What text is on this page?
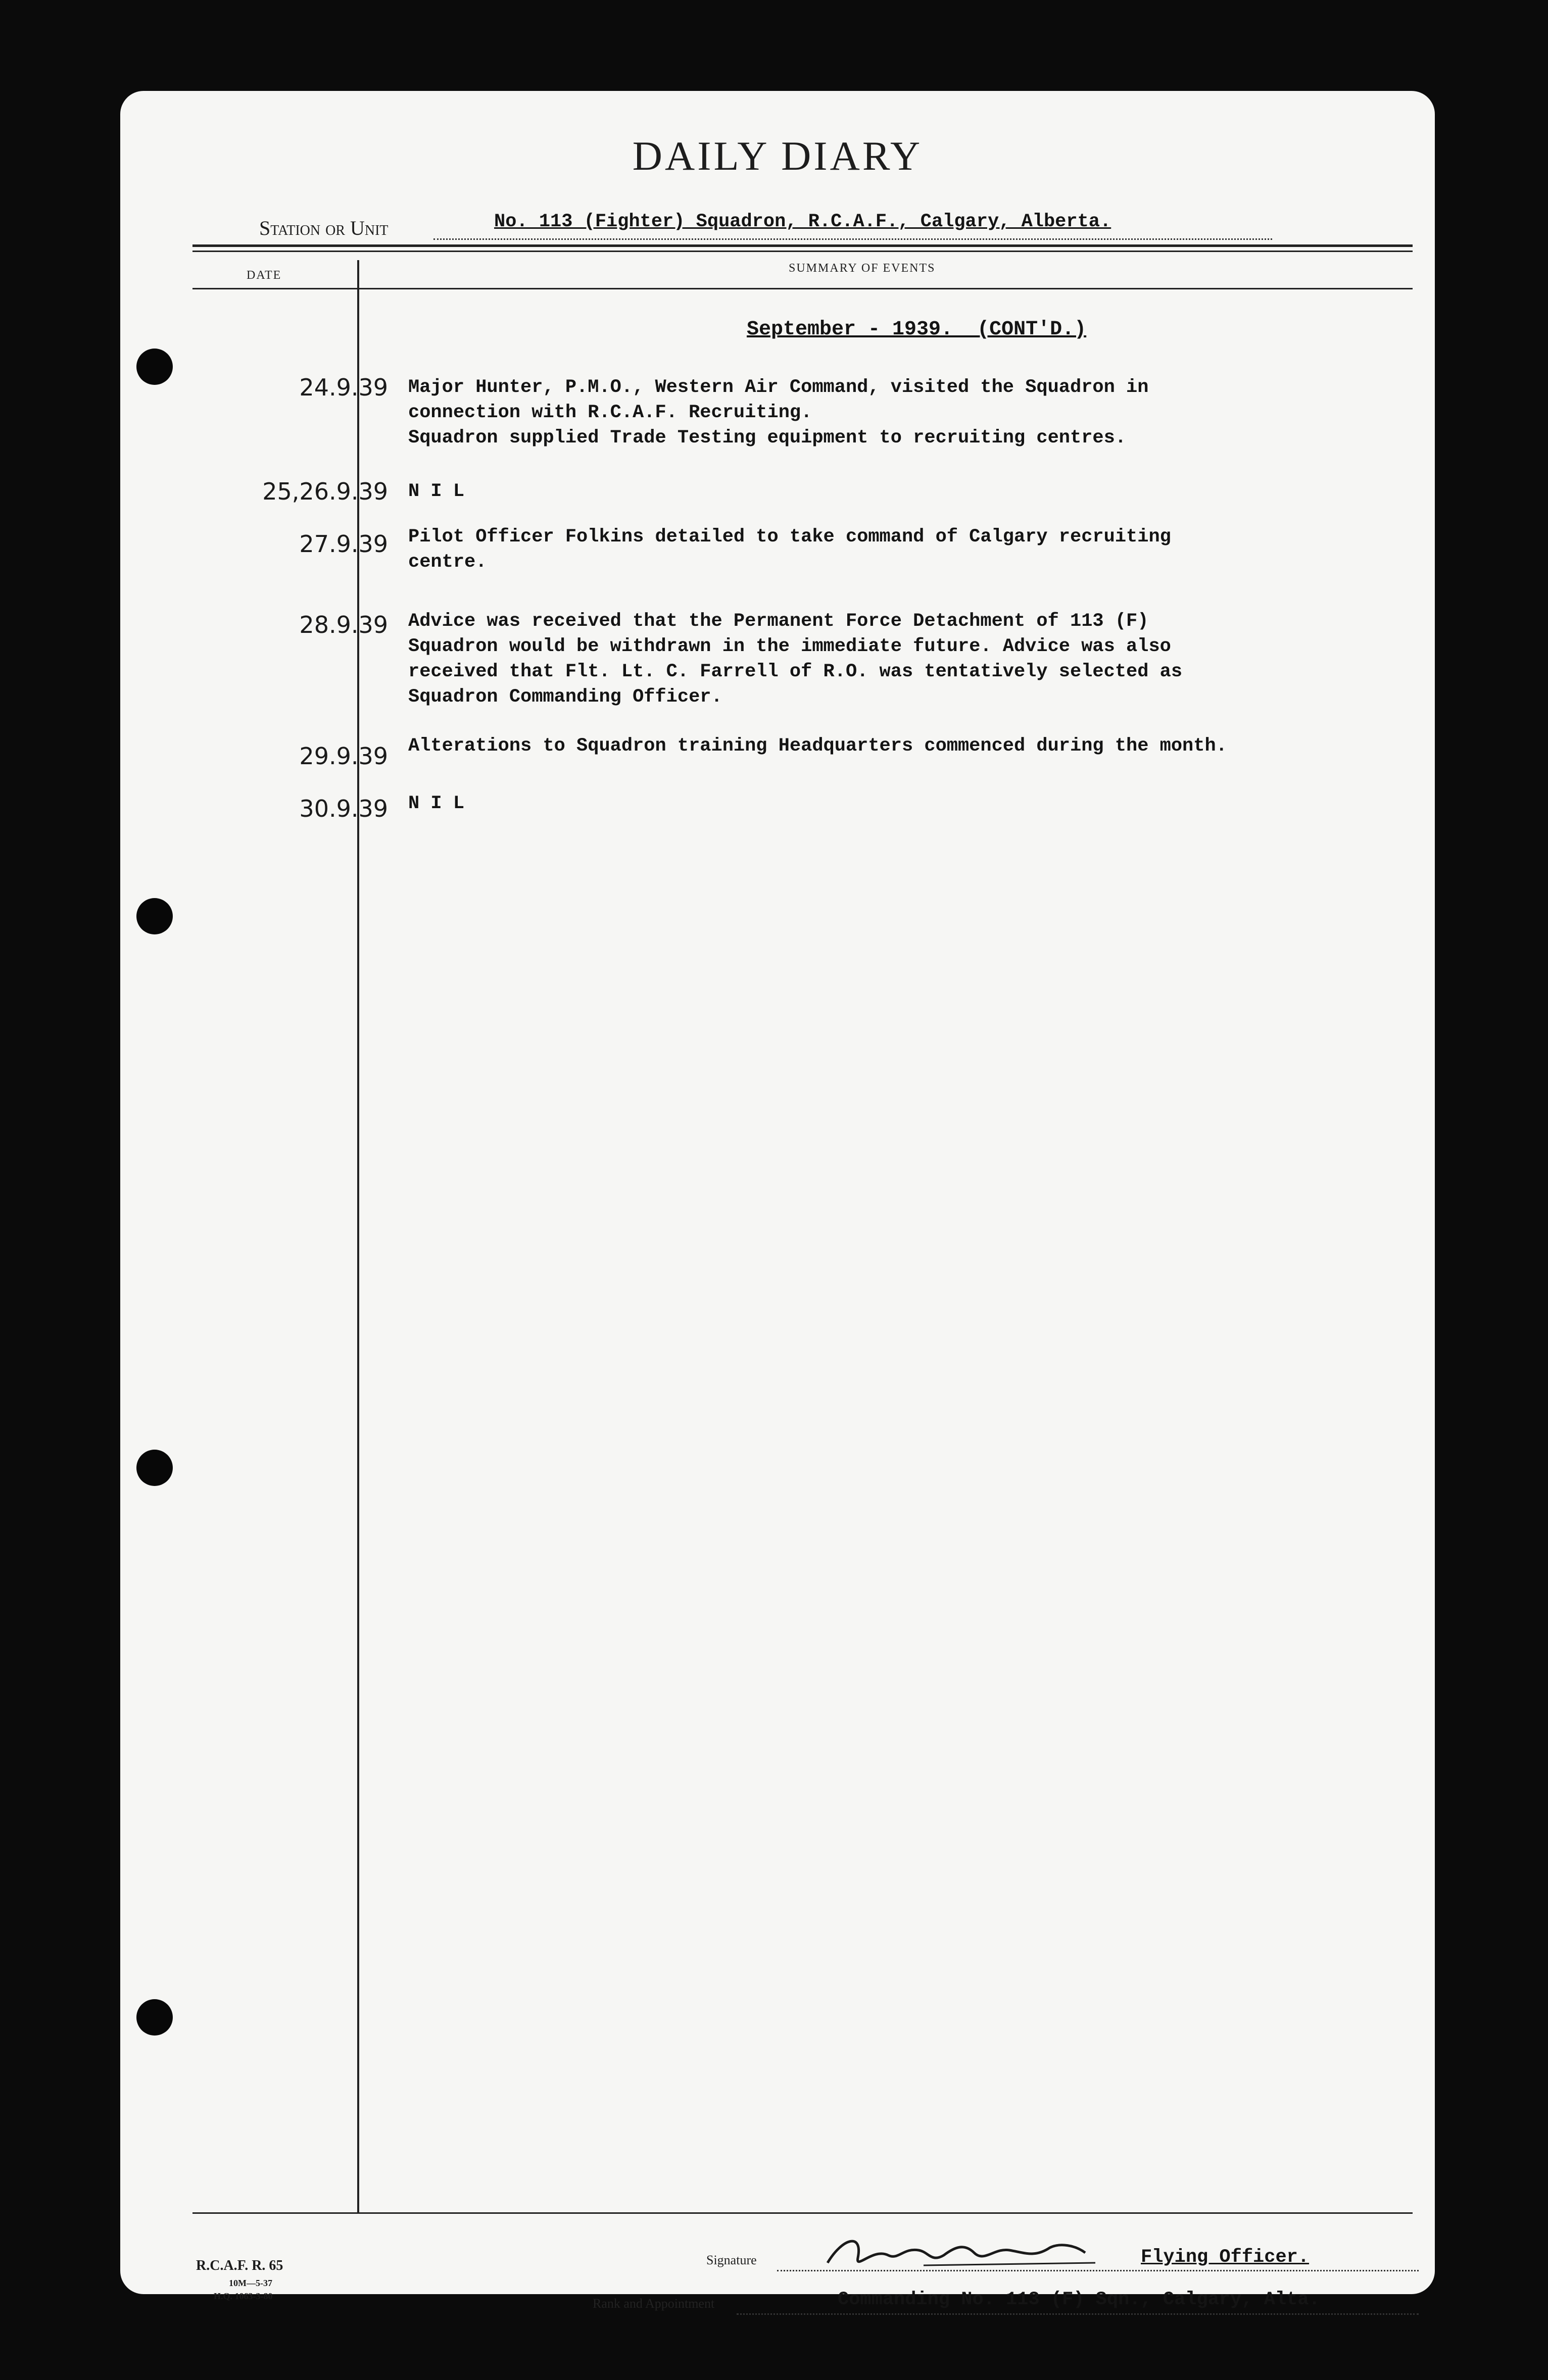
DAILY DIARY
Station or Unit	No. 113 (Fighter) Squadron, R.C.A.F., Calgary, Alberta.
DATE
SUMMARY OF EVENTS
September - 1939.  (CONT'D.)
24.9.39 Major Hunter, P.M.O., Western Air Command, visited the Squadron in
connection with R.C.A.F. Recruiting.
Squadron supplied Trade Testing equipment to recruiting centres.
25,26.9.39 N I L
27.9.39 Pilot Officer Folkins detailed to take command of Calgary recruiting
centre.
28.9.39 Advice was received that the Permanent Force Detachment of 113 (F)
Squadron would be withdrawn in the immediate future. Advice was also
received that Flt. Lt. C. Farrell of R.O. was tentatively selected as
Squadron Commanding Officer.
29.9.39 Alterations to Squadron training Headquarters commenced during the month.
30.9.39 N I L
R.C.A.F. R. 65
10M—5-37
H.Q. 1063-3-80
Signature	Flying Officer.
Rank and Appointment	Commanding No. 113 (F) Sqn., Calgary, Alta.
